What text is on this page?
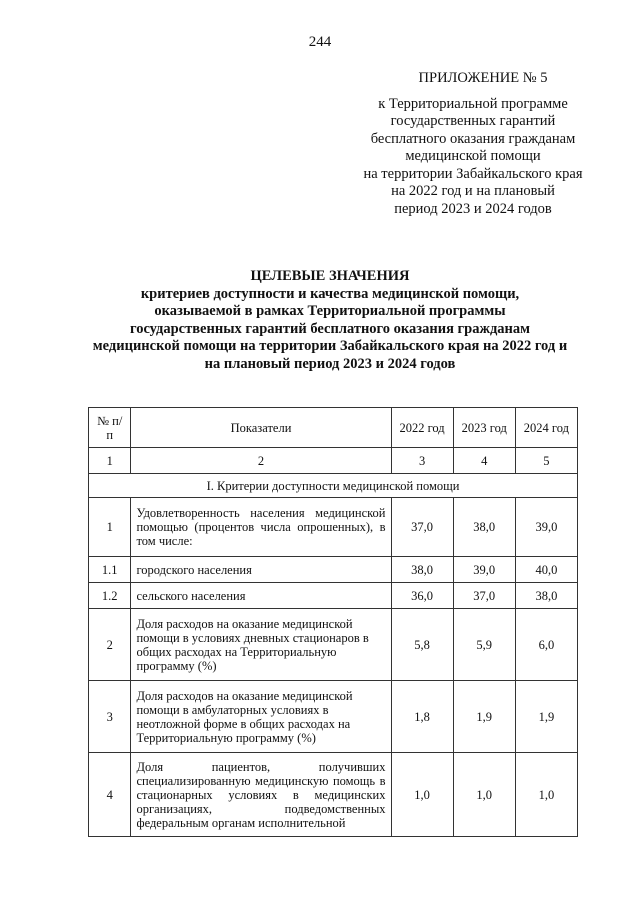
244
ПРИЛОЖЕНИЕ № 5
к Территориальной программе
государственных гарантий
бесплатного оказания гражданам
медицинской помощи
на территории Забайкальского края
на 2022 год и на плановый
период 2023 и 2024 годов
ЦЕЛЕВЫЕ ЗНАЧЕНИЯ
критериев доступности и качества медицинской помощи,
оказываемой в рамках Территориальной программы
государственных гарантий бесплатного оказания гражданам
медицинской помощи на территории Забайкальского края на 2022 год и
на плановый период 2023 и 2024 годов
№ п/п	Показатели	2022 год	2023 год	2024 год
1	2	3	4	5
I. Критерии доступности медицинской помощи				
1	Удовлетворенность населения медицинской помощью (процентов числа опрошенных), в том числе:	37,0	38,0	39,0
1.1	городского населения	38,0	39,0	40,0
1.2	сельского населения	36,0	37,0	38,0
2	Доля расходов на оказание медицинской помощи в условиях дневных стационаров в общих расходах на Территориальную программу (%)	5,8	5,9	6,0
3	Доля расходов на оказание медицинской помощи в амбулаторных условиях в неотложной форме в общих расходах на Территориальную программу (%)	1,8	1,9	1,9
4	Доля пациентов, получивших специализированную медицинскую помощь в стационарных условиях в медицинских организациях, подведомственных федеральным органам исполнительной	1,0	1,0	1,0
